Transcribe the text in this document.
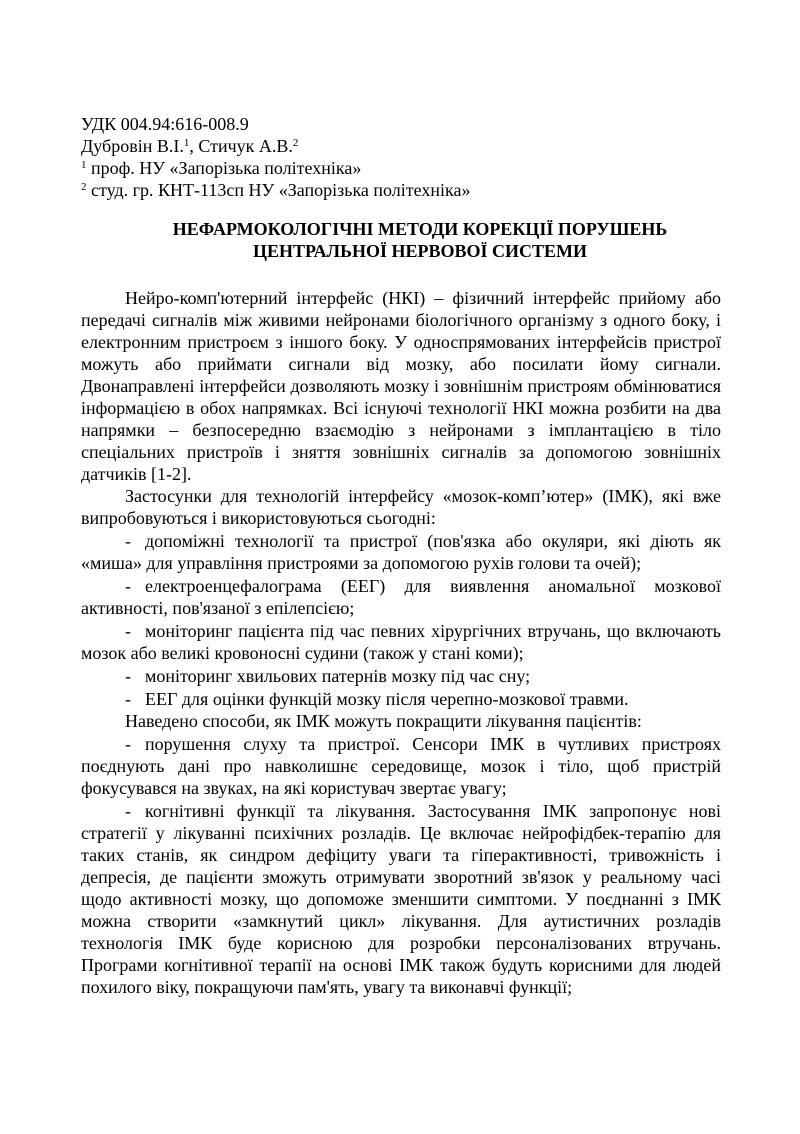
УДК 004.94:616-008.9
Дубровін В.І.$^1$, Стичук А.В.$^2$
$^1$ проф. НУ «Запорізька політехніка»
$^2$ студ. гр. КНТ-113сп НУ «Запорізька політехніка»
НЕФАРМОКОЛОГІЧНІ МЕТОДИ КОРЕКЦІЇ ПОРУШЕНЬ
ЦЕНТРАЛЬНОЇ НЕРВОВОЇ СИСТЕМИ

Нейро-комп'ютерний інтерфейс (НКІ) – фізичний інтерфейс прийому або передачі сигналів між живими нейронами біологічного організму з одного боку, і електронним пристроєм з іншого боку. У односпрямованих інтерфейсів пристрої можуть або приймати сигнали від мозку, або посилати йому сигнали. Двонаправлені інтерфейси дозволяють мозку і зовнішнім пристроям обмінюватися інформацією в обох напрямках. Всі існуючі технології НКІ можна розбити на два напрямки – безпосередню взаємодію з нейронами з імплантацією в тіло спеціальних пристроїв і зняття зовнішніх сигналів за допомогою зовнішніх датчиків [1-2].

Застосунки для технологій інтерфейсу «мозок-комп’ютер» (ІМК), які вже випробовуються і використовуються сьогодні:

- допоміжні технології та пристрої (пов'язка або окуляри, які діють як «миша» для управління пристроями за допомогою рухів голови та очей);

- електроенцефалограма (ЕЕГ) для виявлення аномальної мозкової активності, пов'язаної з епілепсією;

- моніторинг пацієнта під час певних хірургічних втручань, що включають мозок або великі кровоносні судини (також у стані коми);

- моніторинг хвильових патернів мозку під час сну;

- ЕЕГ для оцінки функцій мозку після черепно-мозкової травми.

Наведено способи, як ІМК можуть покращити лікування пацієнтів:

- порушення слуху та пристрої. Сенсори ІМК в чутливих пристроях поєднують дані про навколишнє середовище, мозок і тіло, щоб пристрій фокусувався на звуках, на які користувач звертає увагу;

- когнітивні функції та лікування. Застосування ІМК запропонує нові стратегії у лікуванні психічних розладів. Це включає нейрофідбек-терапію для таких станів, як синдром дефіциту уваги та гіперактивності, тривожність і депресія, де пацієнти зможуть отримувати зворотний зв'язок у реальному часі щодо активності мозку, що допоможе зменшити симптоми. У поєднанні з ІМК можна створити «замкнутий цикл» лікування. Для аутистичних розладів технологія ІМК буде корисною для розробки персоналізованих втручань. Програми когнітивної терапії на основі ІМК також будуть корисними для людей похилого віку, покращуючи пам'ять, увагу та виконавчі функції;
